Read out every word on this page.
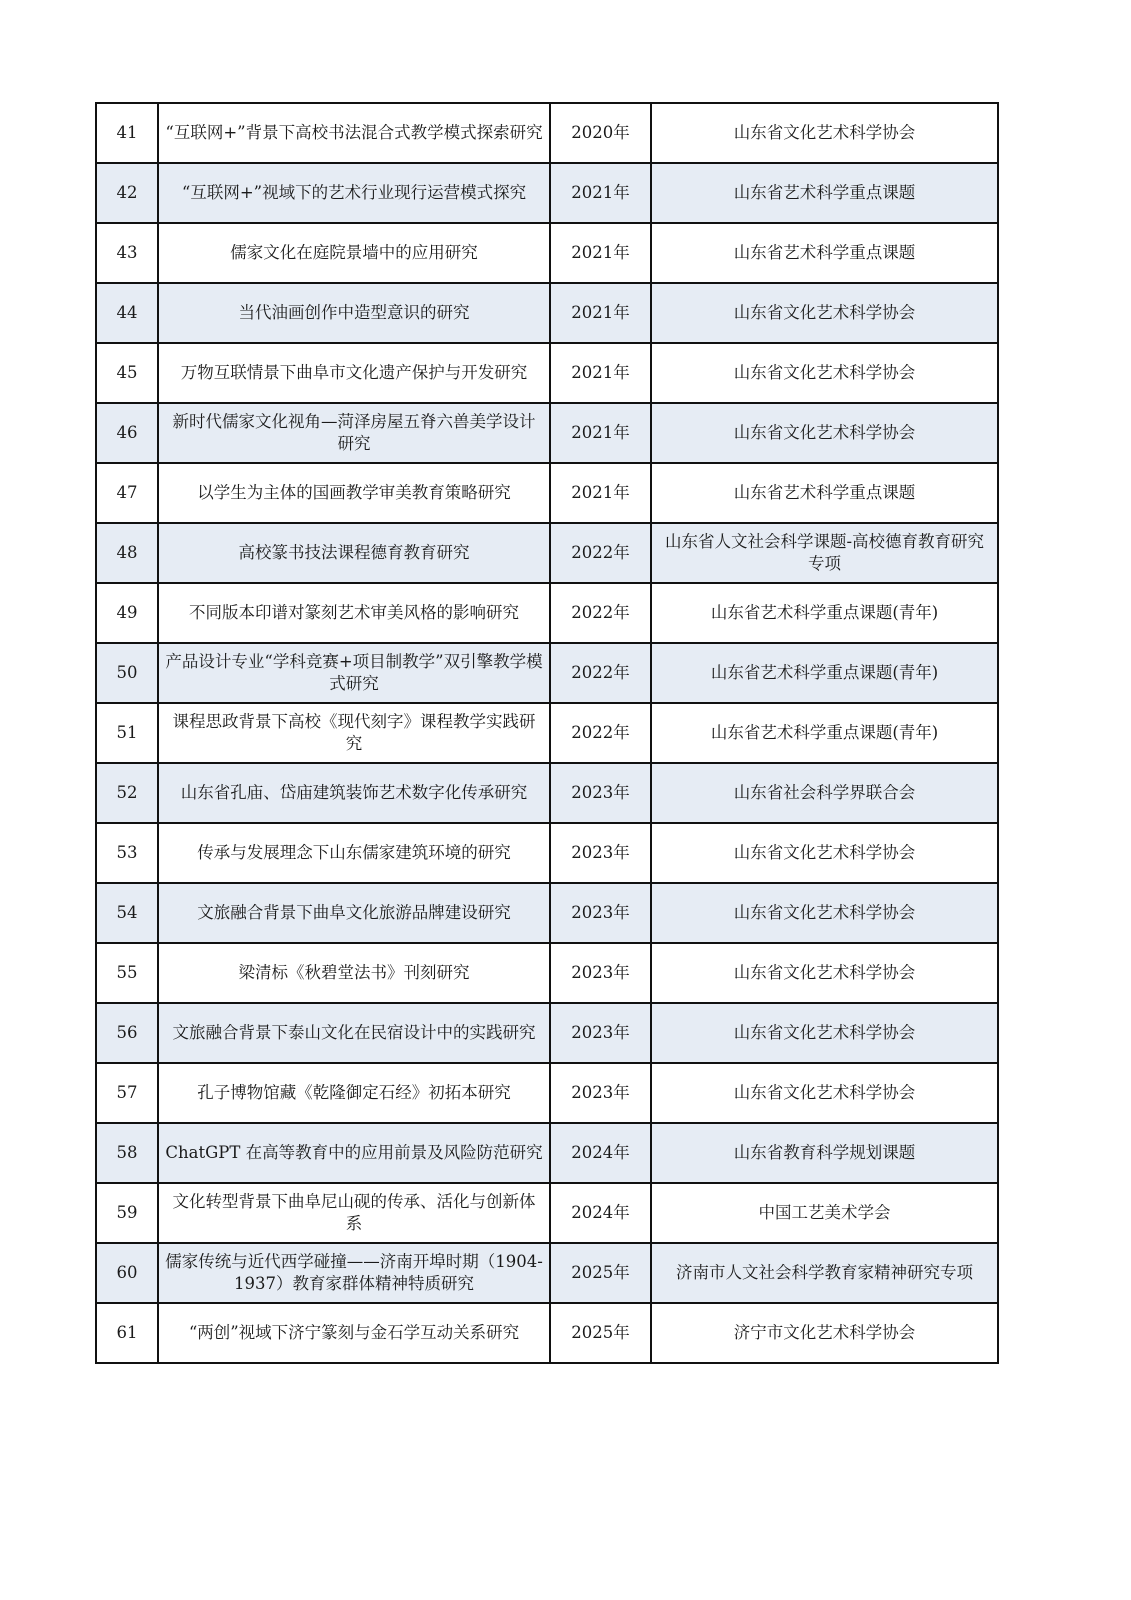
41	“互联网+”背景下高校书法混合式教学模式探索研究	2020年	山东省文化艺术科学协会
42	“互联网+”视域下的艺术行业现行运营模式探究	2021年	山东省艺术科学重点课题
43	儒家文化在庭院景墙中的应用研究	2021年	山东省艺术科学重点课题
44	当代油画创作中造型意识的研究	2021年	山东省文化艺术科学协会
45	万物互联情景下曲阜市文化遗产保护与开发研究	2021年	山东省文化艺术科学协会
46	新时代儒家文化视角—菏泽房屋五脊六兽美学设计研究	2021年	山东省文化艺术科学协会
47	以学生为主体的国画教学审美教育策略研究	2021年	山东省艺术科学重点课题
48	高校篆书技法课程德育教育研究	2022年	山东省人文社会科学课题-高校德育教育研究专项
49	不同版本印谱对篆刻艺术审美风格的影响研究	2022年	山东省艺术科学重点课题(青年)
50	产品设计专业“学科竞赛+项目制教学”双引擎教学模式研究	2022年	山东省艺术科学重点课题(青年)
51	课程思政背景下高校《现代刻字》课程教学实践研究	2022年	山东省艺术科学重点课题(青年)
52	山东省孔庙、岱庙建筑装饰艺术数字化传承研究	2023年	山东省社会科学界联合会
53	传承与发展理念下山东儒家建筑环境的研究	2023年	山东省文化艺术科学协会
54	文旅融合背景下曲阜文化旅游品牌建设研究	2023年	山东省文化艺术科学协会
55	梁清标《秋碧堂法书》刊刻研究	2023年	山东省文化艺术科学协会
56	文旅融合背景下泰山文化在民宿设计中的实践研究	2023年	山东省文化艺术科学协会
57	孔子博物馆藏《乾隆御定石经》初拓本研究	2023年	山东省文化艺术科学协会
58	ChatGPT 在高等教育中的应用前景及风险防范研究	2024年	山东省教育科学规划课题
59	文化转型背景下曲阜尼山砚的传承、活化与创新体系	2024年	中国工艺美术学会
60	儒家传统与近代西学碰撞——济南开埠时期（1904-1937）教育家群体精神特质研究	2025年	济南市人文社会科学教育家精神研究专项
61	“两创”视域下济宁篆刻与金石学互动关系研究	2025年	济宁市文化艺术科学协会
